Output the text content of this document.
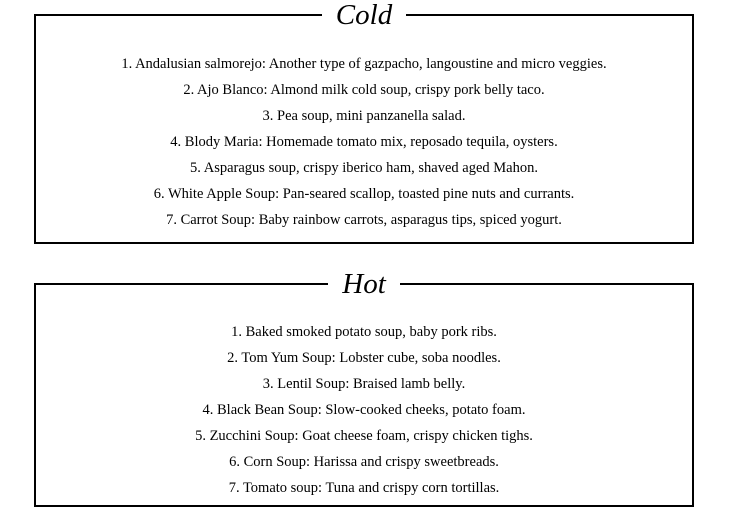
Cold
1. Andalusian salmorejo: Another type of gazpacho, langoustine and micro veggies.
2. Ajo Blanco: Almond milk cold soup, crispy pork belly taco.
3. Pea soup, mini panzanella salad.
4. Blody Maria: Homemade tomato mix, reposado tequila, oysters.
5. Asparagus soup, crispy iberico ham, shaved aged Mahon.
6. White Apple Soup: Pan-seared scallop, toasted pine nuts and currants.
7. Carrot Soup: Baby rainbow carrots, asparagus tips, spiced yogurt.
Hot
1. Baked smoked potato soup, baby pork ribs.
2. Tom Yum Soup: Lobster cube, soba noodles.
3. Lentil Soup: Braised lamb belly.
4. Black Bean Soup: Slow-cooked cheeks, potato foam.
5. Zucchini Soup: Goat cheese foam, crispy chicken tighs.
6. Corn Soup: Harissa and crispy sweetbreads.
7. Tomato soup: Tuna and crispy corn tortillas.
